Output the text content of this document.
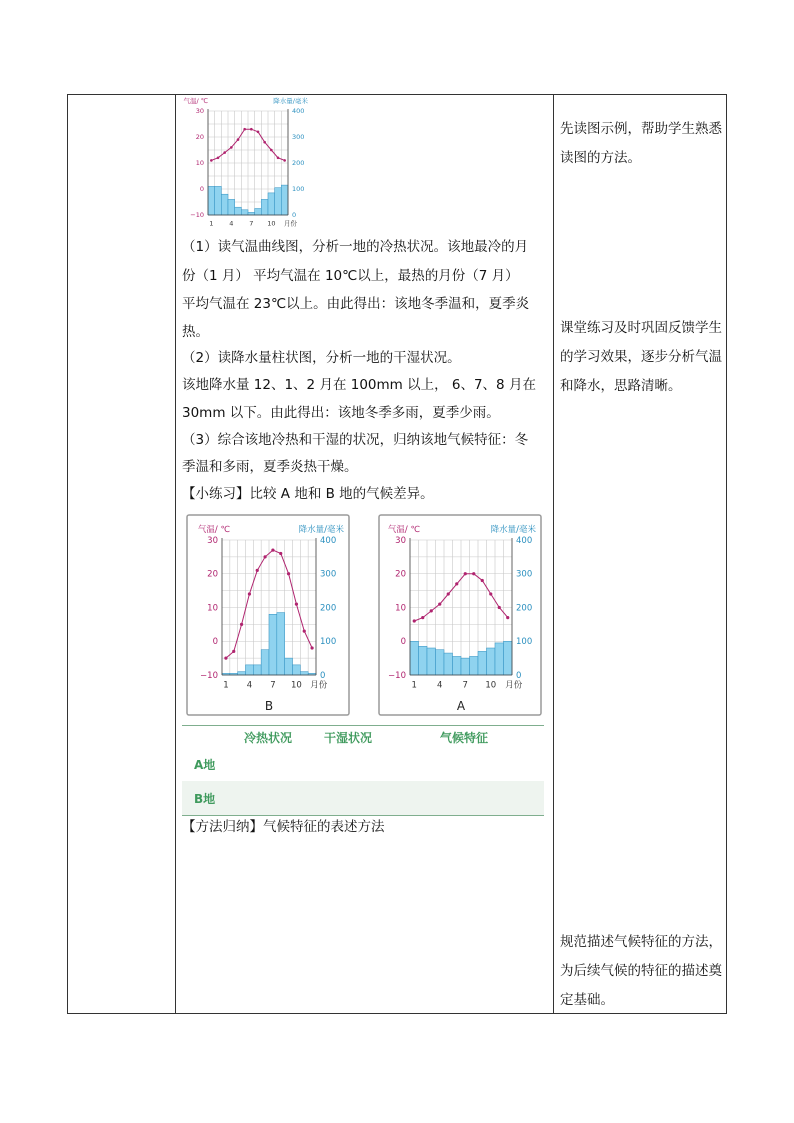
气温/ ℃	降水量/毫米
30
20
10
0
−10
400
300
200
100
0
1 4 7 10 月份
（1）读气温曲线图，分析一地的冷热状况。该地最冷的月
份（1 月） 平均气温在 10℃以上，最热的月份（7 月）
平均气温在 23℃以上。由此得出：该地冬季温和，夏季炎
热。
（2）读降水量柱状图，分析一地的干湿状况。
该地降水量 12、1、2 月在 100mm 以上， 6、7、8 月在
30mm 以下。由此得出：该地冬季多雨，夏季少雨。
（3）综合该地冷热和干湿的状况，归纳该地气候特征：冬
季温和多雨，夏季炎热干燥。
【小练习】比较 A 地和 B 地的气候差异。
气温/ ℃	降水量/毫米
30
20
10
0
−10
400
300
200
100
0
1 4 7 10 月份
B
气温/ ℃	降水量/毫米
30
20
10
0
−10
400
300
200
100
0
1 4 7 10 月份
A
冷热状况	干湿状况	气候特征
A地
B地
【方法归纳】气候特征的表述方法
先读图示例，帮助学生熟悉读图的方法。
课堂练习及时巩固反馈学生的学习效果，逐步分析气温和降水，思路清晰。
规范描述气候特征的方法，为后续气候的特征的描述奠定基础。
